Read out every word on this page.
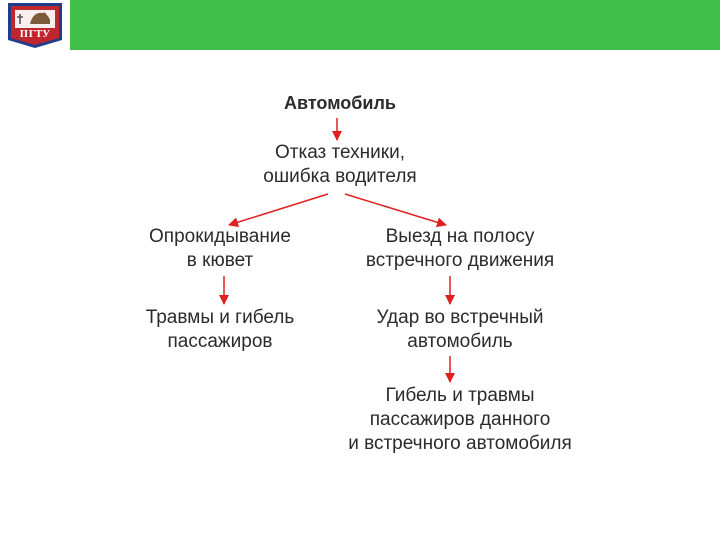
ПГТУ
Автомобиль
Отказ техники,
ошибка водителя
Опрокидывание
в кювет
Выезд на полосу
встречного движения
Травмы и гибель
пассажиров
Удар во встречный
автомобиль
Гибель и травмы
пассажиров данного
и встречного автомобиля
